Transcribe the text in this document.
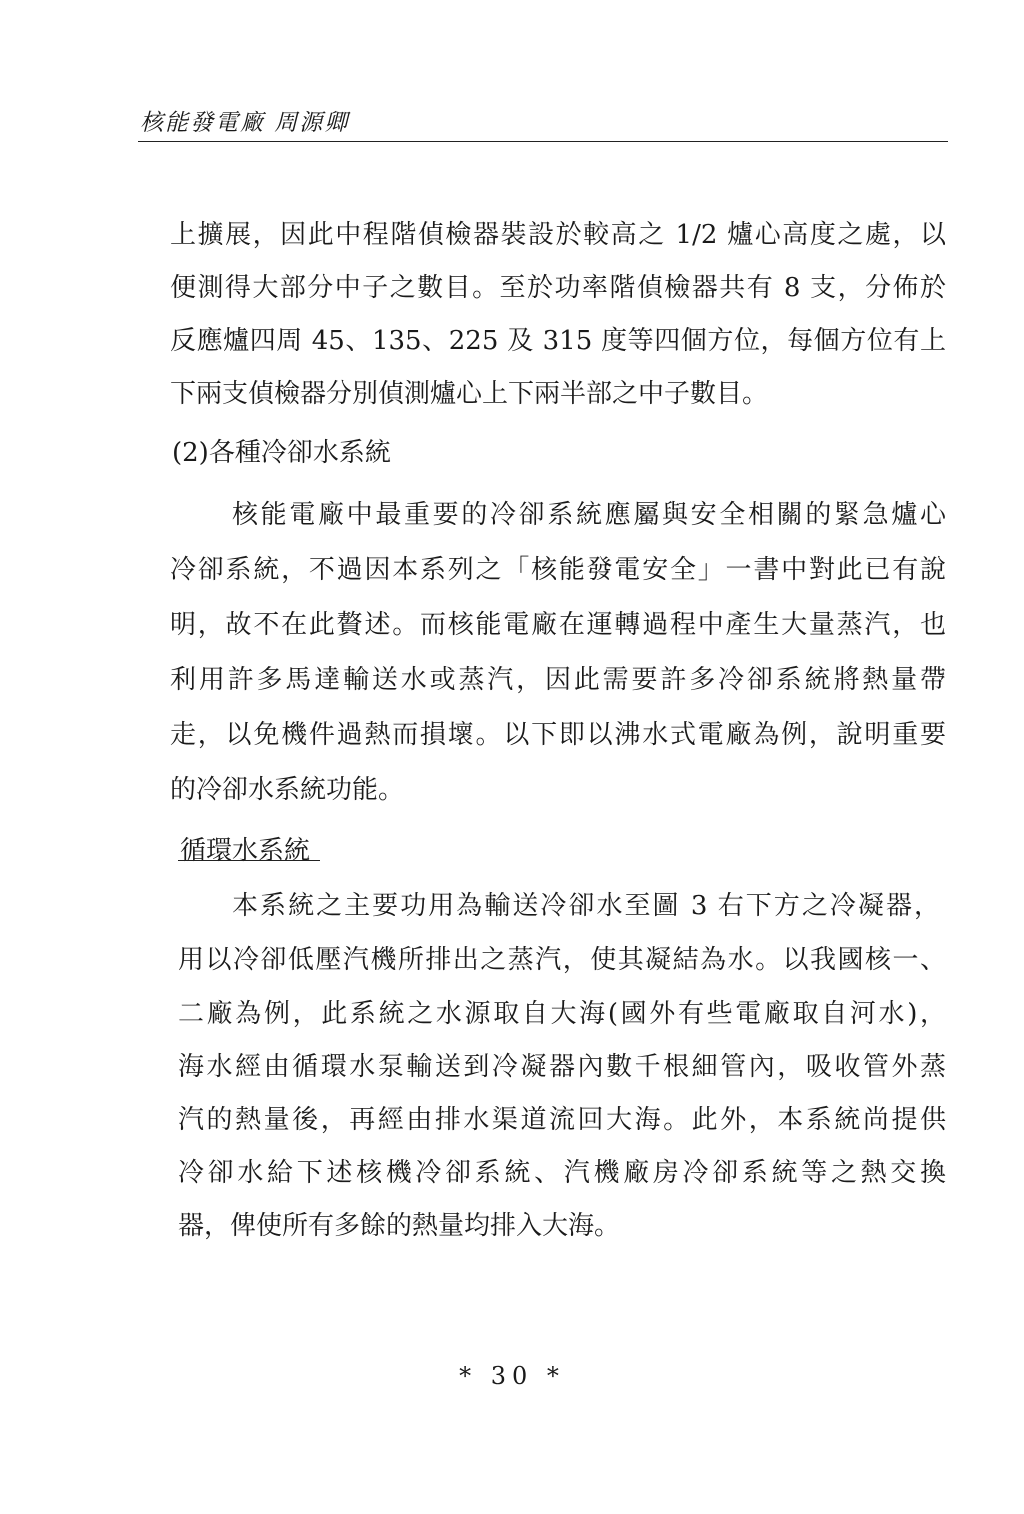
核能發電廠 周源卿
上擴展，因此中程階偵檢器裝設於較高之 1/2 爐心高度之處，以
便測得大部分中子之數目。至於功率階偵檢器共有 8 支，分佈於
反應爐四周 45、135、225 及 315 度等四個方位，每個方位有上
下兩支偵檢器分別偵測爐心上下兩半部之中子數目。
(2)各種冷卻水系統
核能電廠中最重要的冷卻系統應屬與安全相關的緊急爐心
冷卻系統，不過因本系列之「核能發電安全」一書中對此已有說
明，故不在此贅述。而核能電廠在運轉過程中產生大量蒸汽，也
利用許多馬達輸送水或蒸汽，因此需要許多冷卻系統將熱量帶
走，以免機件過熱而損壞。以下即以沸水式電廠為例，說明重要
的冷卻水系統功能。
循環水系統
本系統之主要功用為輸送冷卻水至圖 3 右下方之冷凝器，
用以冷卻低壓汽機所排出之蒸汽，使其凝結為水。以我國核一、
二廠為例，此系統之水源取自大海(國外有些電廠取自河水)，
海水經由循環水泵輸送到冷凝器內數千根細管內，吸收管外蒸
汽的熱量後，再經由排水渠道流回大海。此外，本系統尚提供
冷卻水給下述核機冷卻系統、汽機廠房冷卻系統等之熱交換
器，俾使所有多餘的熱量均排入大海。
* 30 *
